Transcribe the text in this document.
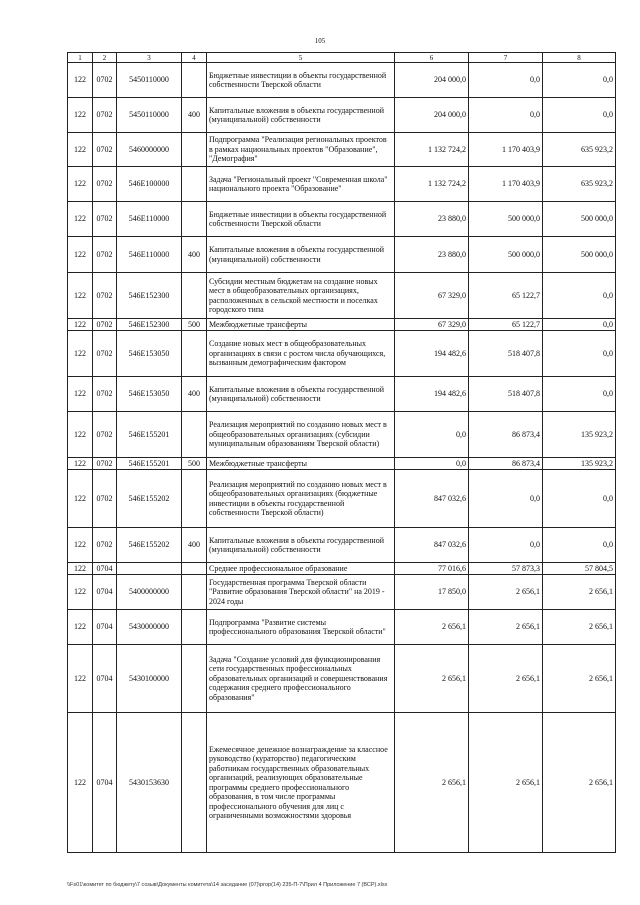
105
1	2	3	4	5	6	7	8
122	0702	5450110000		Бюджетные инвестиции в объекты государственной собственности Тверской области	204 000,0	0,0	0,0
122	0702	5450110000	400	Капитальные вложения в объекты государственной (муниципальной) собственности	204 000,0	0,0	0,0
122	0702	5460000000		Подпрограмма "Реализация региональных проектов в рамках национальных проектов "Образование", "Демография"	1 132 724,2	1 170 403,9	635 923,2
122	0702	546E100000		Задача "Региональный проект "Современная школа" национального проекта "Образование"	1 132 724,2	1 170 403,9	635 923,2
122	0702	546E110000		Бюджетные инвестиции в объекты государственной собственности Тверской области	23 880,0	500 000,0	500 000,0
122	0702	546E110000	400	Капитальные вложения в объекты государственной (муниципальной) собственности	23 880,0	500 000,0	500 000,0
122	0702	546E152300		Субсидии местным бюджетам на создание новых мест в общеобразовательных организациях, расположенных в сельской местности и поселках городского типа	67 329,0	65 122,7	0,0
122	0702	546E152300	500	Межбюджетные трансферты	67 329,0	65 122,7	0,0
122	0702	546E153050		Создание новых мест в общеобразовательных организациях в связи с ростом числа обучающихся, вызванным демографическим фактором	194 482,6	518 407,8	0,0
122	0702	546E153050	400	Капитальные вложения в объекты государственной (муниципальной) собственности	194 482,6	518 407,8	0,0
122	0702	546E155201		Реализация мероприятий по созданию новых мест в общеобразовательных организациях (субсидии муниципальным образованиям Тверской области)	0,0	86 873,4	135 923,2
122	0702	546E155201	500	Межбюджетные трансферты	0,0	86 873,4	135 923,2
122	0702	546E155202		Реализация мероприятий по созданию новых мест в общеобразовательных организациях (бюджетные инвестиции в объекты государственной собственности Тверской области)	847 032,6	0,0	0,0
122	0702	546E155202	400	Капитальные вложения в объекты государственной (муниципальной) собственности	847 032,6	0,0	0,0
122	0704			Среднее профессиональное образование	77 016,6	57 873,3	57 804,5
122	0704	5400000000		Государственная программа Тверской области "Развитие образования Тверской области" на 2019 - 2024 годы	17 850,0	2 656,1	2 656,1
122	0704	5430000000		Подпрограмма "Развитие системы профессионального образования Тверской области"	2 656,1	2 656,1	2 656,1
122	0704	5430100000		Задача "Создание условий для функционирования сети государственных профессиональных образовательных организаций и совершенствования содержания среднего профессионального образования"	2 656,1	2 656,1	2 656,1
122	0704	5430153630		Ежемесячное денежное вознаграждение за классное руководство (кураторство) педагогическим работникам государственных образовательных организаций, реализующих образовательные программы среднего профессионального образования, в том числе программы профессионального обучения для лиц с ограниченными возможностями здоровья	2 656,1	2 656,1	2 656,1
\\Fs01\комитет по бюджету\7 созыв\Документы комитета\14 заседание (07)\prop(14) 235-П-7\Прил 4 Приложение 7 (ВСР).xlsx
